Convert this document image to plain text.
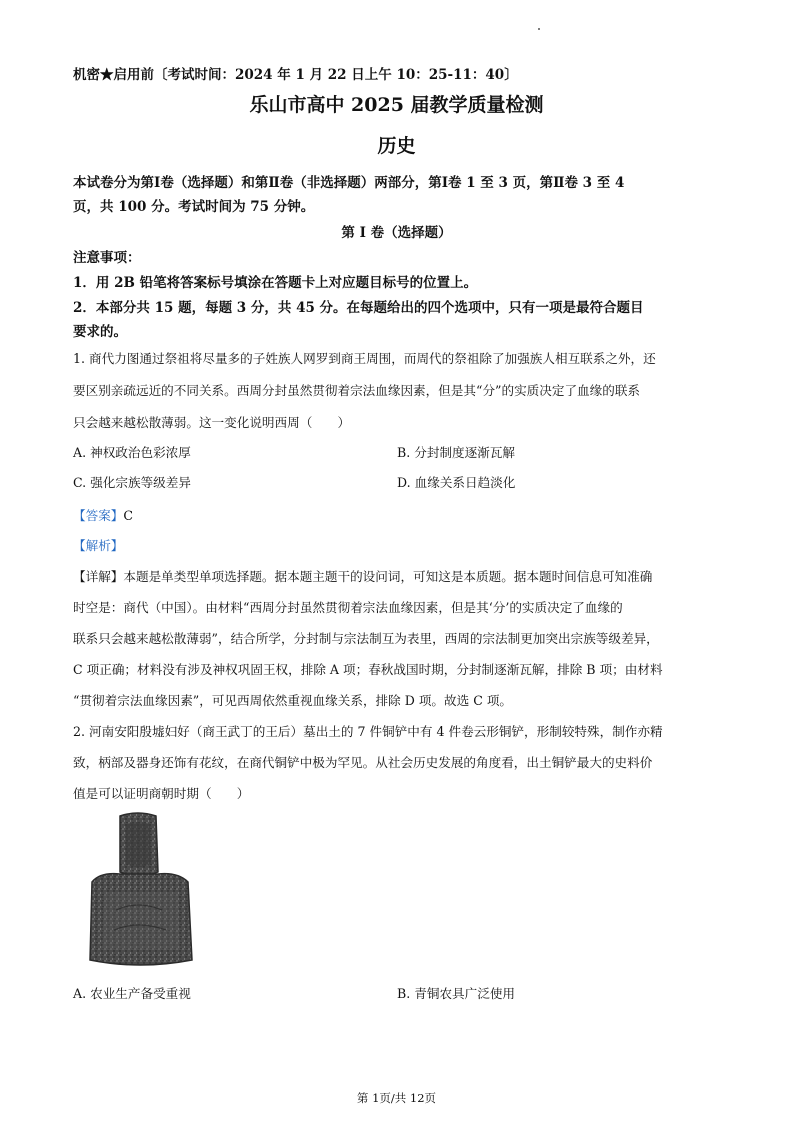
机密★启用前〔考试时间：2024 年 1 月 22 日上午 10：25-11：40〕
乐山市高中 2025 届教学质量检测
历史
本试卷分为第Ⅰ卷（选择题）和第Ⅱ卷（非选择题）两部分，第Ⅰ卷 1 至 3 页，第Ⅱ卷 3 至 4
页，共 100 分。考试时间为 75 分钟。
第 I 卷（选择题）
注意事项：
1．用 2B 铅笔将答案标号填涂在答题卡上对应题目标号的位置上。
2．本部分共 15 题，每题 3 分，共 45 分。在每题给出的四个选项中，只有一项是最符合题目
要求的。
1. 商代力图通过祭祖将尽量多的子姓族人网罗到商王周围，而周代的祭祖除了加强族人相互联系之外，还
要区别亲疏远近的不同关系。西周分封虽然贯彻着宗法血缘因素，但是其“分”的实质决定了血缘的联系
只会越来越松散薄弱。这一变化说明西周（　　）
A. 神权政治色彩浓厚	B. 分封制度逐渐瓦解
C. 强化宗族等级差异	D. 血缘关系日趋淡化
【答案】C
【解析】
【详解】本题是单类型单项选择题。据本题主题干的设问词，可知这是本质题。据本题时间信息可知准确
时空是：商代（中国）。由材料“西周分封虽然贯彻着宗法血缘因素，但是其‘分’的实质决定了血缘的
联系只会越来越松散薄弱”，结合所学，分封制与宗法制互为表里，西周的宗法制更加突出宗族等级差异，
C 项正确；材料没有涉及神权巩固王权，排除 A 项；春秋战国时期，分封制逐渐瓦解，排除 B 项；由材料
“贯彻着宗法血缘因素”，可见西周依然重视血缘关系，排除 D 项。故选 C 项。
2. 河南安阳殷墟妇好（商王武丁的王后）墓出土的 7 件铜铲中有 4 件卷云形铜铲，形制较特殊，制作亦精
致，柄部及器身还饰有花纹，在商代铜铲中极为罕见。从社会历史发展的角度看，出土铜铲最大的史料价
值是可以证明商朝时期（　　）
A. 农业生产备受重视	B. 青铜农具广泛使用
第 1页/共 12页
